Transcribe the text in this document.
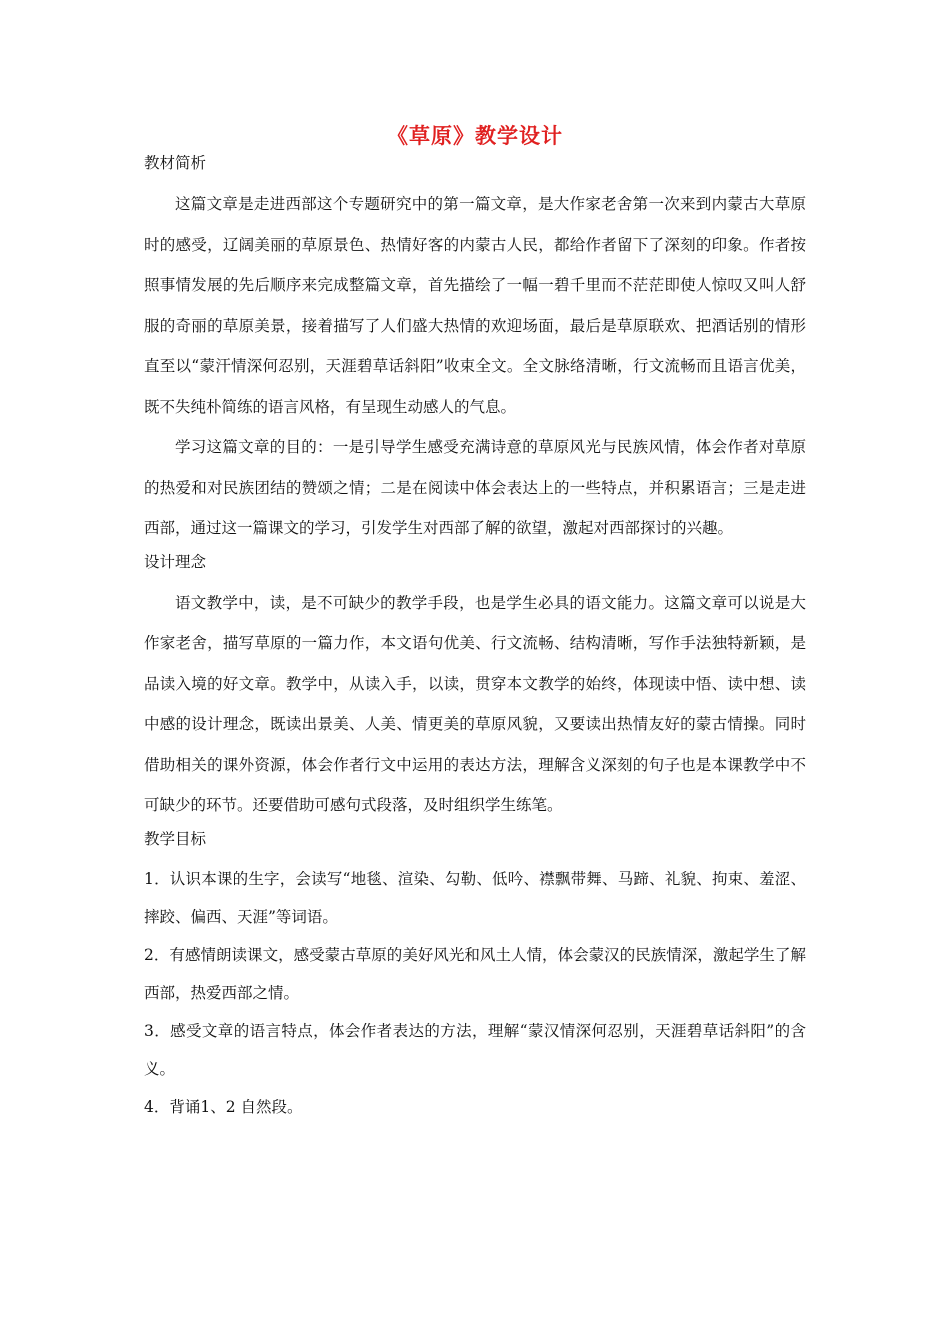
《草原》教学设计
教材简析

这篇文章是走进西部这个专题研究中的第一篇文章，是大作家老舍第一次来到内蒙古大草原时的感受，辽阔美丽的草原景色、热情好客的内蒙古人民，都给作者留下了深刻的印象。作者按照事情发展的先后顺序来完成整篇文章，首先描绘了一幅一碧千里而不茫茫即使人惊叹又叫人舒服的奇丽的草原美景，接着描写了人们盛大热情的欢迎场面，最后是草原联欢、把酒话别的情形直至以“蒙汗情深何忍别，天涯碧草话斜阳”收束全文。全文脉络清晰，行文流畅而且语言优美，既不失纯朴简练的语言风格，有呈现生动感人的气息。

学习这篇文章的目的：一是引导学生感受充满诗意的草原风光与民族风情，体会作者对草原的热爱和对民族团结的赞颂之情；二是在阅读中体会表达上的一些特点，并积累语言；三是走进西部，通过这一篇课文的学习，引发学生对西部了解的欲望，激起对西部探讨的兴趣。

设计理念

语文教学中，读，是不可缺少的教学手段，也是学生必具的语文能力。这篇文章可以说是大作家老舍，描写草原的一篇力作，本文语句优美、行文流畅、结构清晰，写作手法独特新颖，是品读入境的好文章。教学中，从读入手，以读，贯穿本文教学的始终，体现读中悟、读中想、读中感的设计理念，既读出景美、人美、情更美的草原风貌，又要读出热情友好的蒙古情操。同时借助相关的课外资源，体会作者行文中运用的表达方法，理解含义深刻的句子也是本课教学中不可缺少的环节。还要借助可感句式段落，及时组织学生练笔。

教学目标

1．认识本课的生字，会读写“地毯、渲染、勾勒、低吟、襟飘带舞、马蹄、礼貌、拘束、羞涩、摔跤、偏西、天涯”等词语。

2．有感情朗读课文，感受蒙古草原的美好风光和风土人情，体会蒙汉的民族情深，激起学生了解西部，热爱西部之情。

3．感受文章的语言特点，体会作者表达的方法，理解“蒙汉情深何忍别，天涯碧草话斜阳”的含义。

4．背诵1、2 自然段。
